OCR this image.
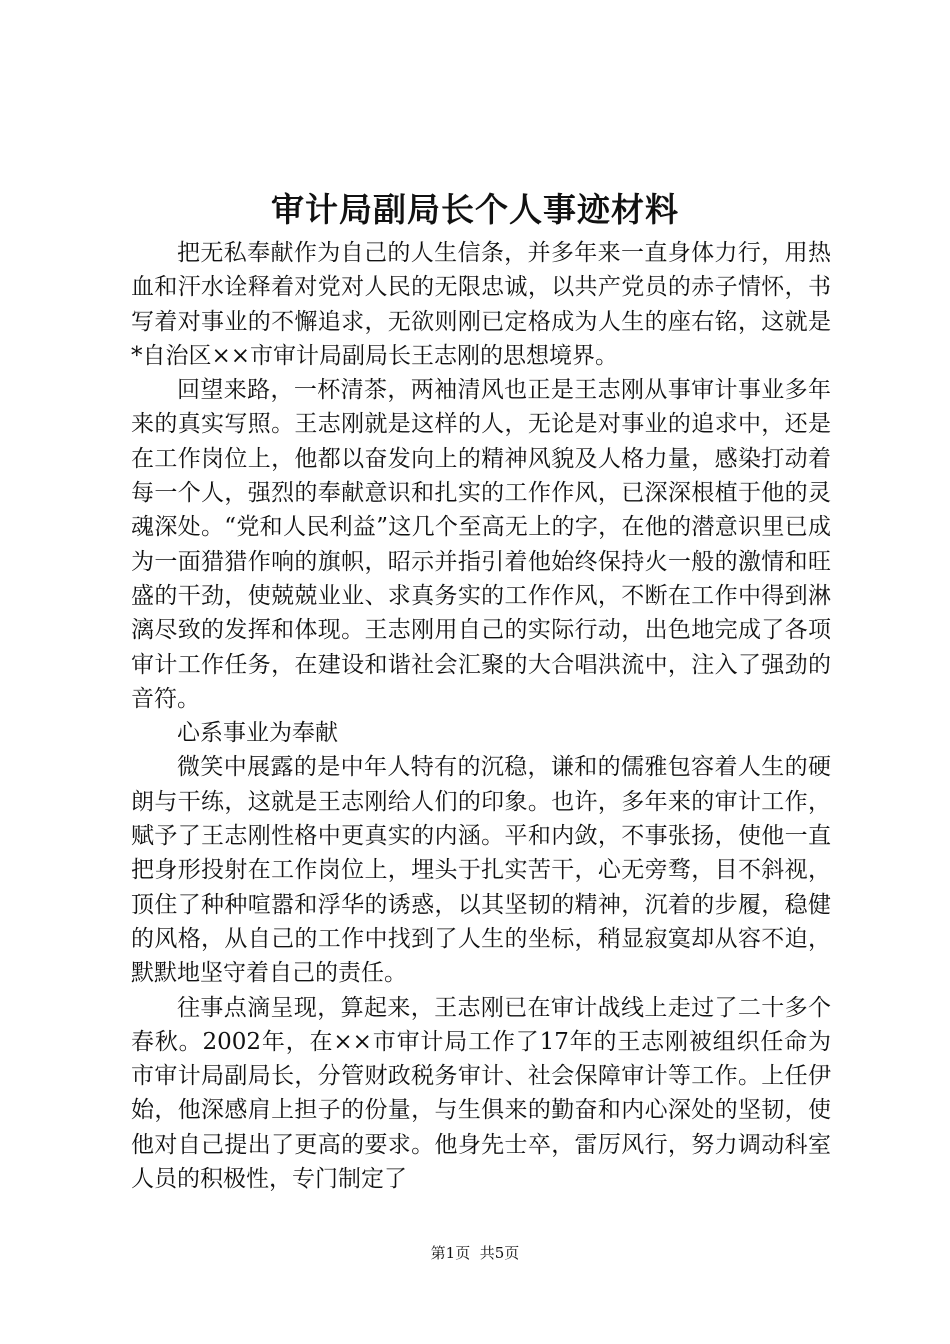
审计局副局长个人事迹材料

把无私奉献作为自己的人生信条，并多年来一直身体力行，用热血和汗水诠释着对党对人民的无限忠诚，以共产党员的赤子情怀，书写着对事业的不懈追求，无欲则刚已定格成为人生的座右铭，这就是*自治区××市审计局副局长王志刚的思想境界。

回望来路，一杯清茶，两袖清风也正是王志刚从事审计事业多年来的真实写照。王志刚就是这样的人，无论是对事业的追求中，还是在工作岗位上，他都以奋发向上的精神风貌及人格力量，感染打动着每一个人，强烈的奉献意识和扎实的工作作风，已深深根植于他的灵魂深处。“党和人民利益”这几个至高无上的字，在他的潜意识里已成为一面猎猎作响的旗帜，昭示并指引着他始终保持火一般的激情和旺盛的干劲，使兢兢业业、求真务实的工作作风，不断在工作中得到淋漓尽致的发挥和体现。王志刚用自己的实际行动，出色地完成了各项审计工作任务，在建设和谐社会汇聚的大合唱洪流中，注入了强劲的音符。

心系事业为奉献

微笑中展露的是中年人特有的沉稳，谦和的儒雅包容着人生的硬朗与干练，这就是王志刚给人们的印象。也许，多年来的审计工作，赋予了王志刚性格中更真实的内涵。平和内敛，不事张扬，使他一直把身形投射在工作岗位上，埋头于扎实苦干，心无旁骛，目不斜视，顶住了种种喧嚣和浮华的诱惑，以其坚韧的精神，沉着的步履，稳健的风格，从自己的工作中找到了人生的坐标，稍显寂寞却从容不迫，默默地坚守着自己的责任。

往事点滴呈现，算起来，王志刚已在审计战线上走过了二十多个春秋。2002年，在××市审计局工作了17年的王志刚被组织任命为市审计局副局长，分管财政税务审计、社会保障审计等工作。上任伊始，他深感肩上担子的份量，与生俱来的勤奋和内心深处的坚韧，使他对自己提出了更高的要求。他身先士卒，雷厉风行，努力调动科室人员的积极性，专门制定了

第1页 共5页
